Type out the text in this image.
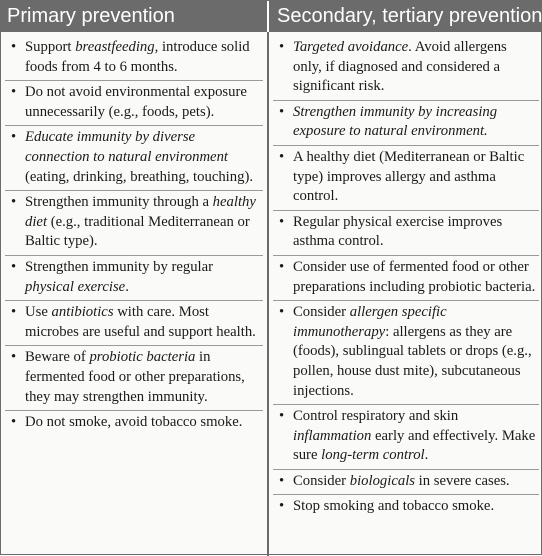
Primary prevention	Secondary, tertiary prevention
• Support breastfeeding, introduce solid foods from 4 to 6 months.
• Do not avoid environmental exposure unnecessarily (e.g., foods, pets).
• Educate immunity by diverse connection to natural environment (eating, drinking, breathing, touching).
• Strengthen immunity through a healthy diet (e.g., traditional Mediterranean or Baltic type).
• Strengthen immunity by regular physical exercise.
• Use antibiotics with care. Most microbes are useful and support health.
• Beware of probiotic bacteria in fermented food or other preparations, they may strengthen immunity.
• Do not smoke, avoid tobacco smoke.
• Targeted avoidance. Avoid allergens only, if diagnosed and considered a significant risk.
• Strengthen immunity by increasing exposure to natural environment.
• A healthy diet (Mediterranean or Baltic type) improves allergy and asthma control.
• Regular physical exercise improves asthma control.
• Consider use of fermented food or other preparations including probiotic bacteria.
• Consider allergen specific immunotherapy: allergens as they are (foods), sublingual tablets or drops (e.g., pollen, house dust mite), subcutaneous injections.
• Control respiratory and skin inflammation early and effectively. Make sure long-term control.
• Consider biologicals in severe cases.
• Stop smoking and tobacco smoke.
